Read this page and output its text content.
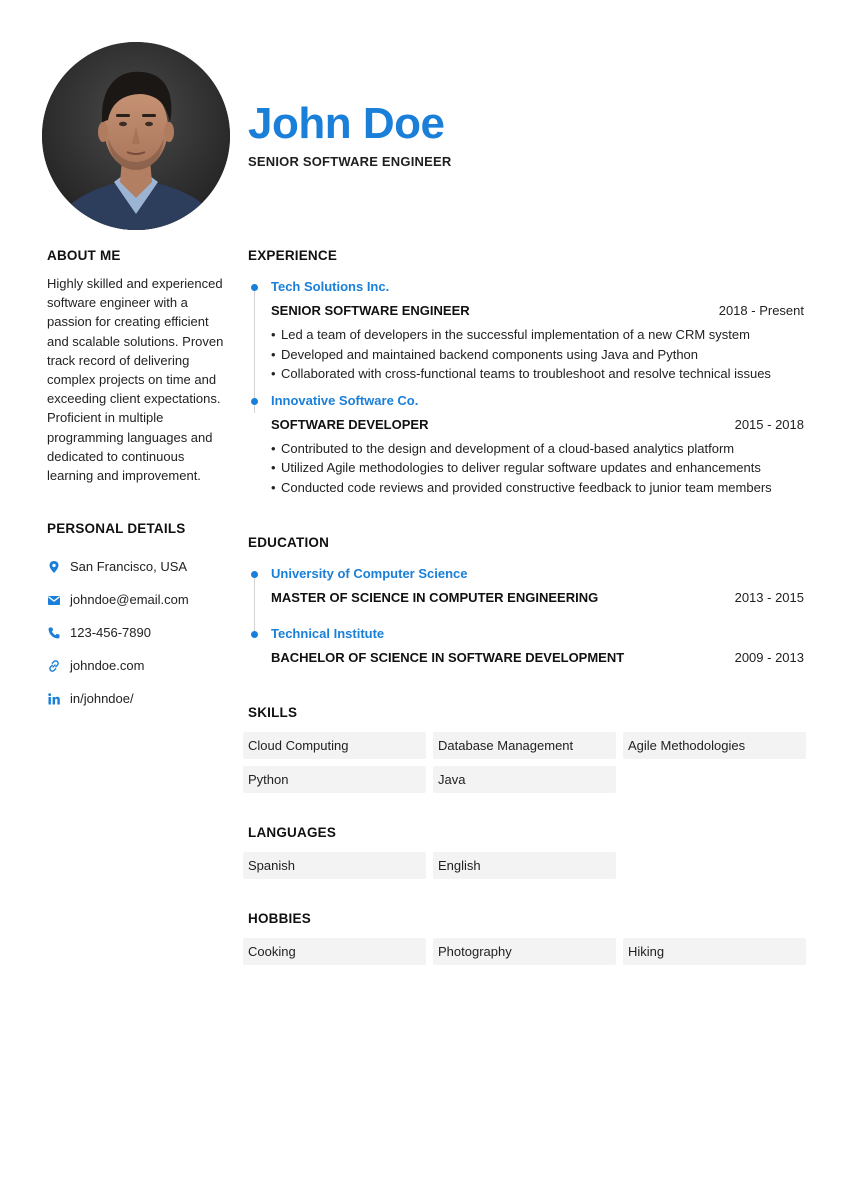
John Doe
SENIOR SOFTWARE ENGINEER
ABOUT ME

Highly skilled and experienced software engineer with a passion for creating efficient and scalable solutions. Proven track record of delivering complex projects on time and exceeding client expectations. Proficient in multiple programming languages and dedicated to continuous learning and improvement.

PERSONAL DETAILS
San Francisco, USA
johndoe@email.com
123-456-7890
johndoe.com
in/johndoe/
EXPERIENCE
Tech Solutions Inc.
SENIOR SOFTWARE ENGINEER	2018 - Present
• Led a team of developers in the successful implementation of a new CRM system
• Developed and maintained backend components using Java and Python
• Collaborated with cross-functional teams to troubleshoot and resolve technical issues
Innovative Software Co.
SOFTWARE DEVELOPER	2015 - 2018
• Contributed to the design and development of a cloud-based analytics platform
• Utilized Agile methodologies to deliver regular software updates and enhancements
• Conducted code reviews and provided constructive feedback to junior team members
EDUCATION
University of Computer Science
MASTER OF SCIENCE IN COMPUTER ENGINEERING	2013 - 2015
Technical Institute
BACHELOR OF SCIENCE IN SOFTWARE DEVELOPMENT	2009 - 2013
SKILLS
Cloud Computing	Database Management	Agile Methodologies
Python	Java
LANGUAGES
Spanish	English
HOBBIES
Cooking	Photography	Hiking
